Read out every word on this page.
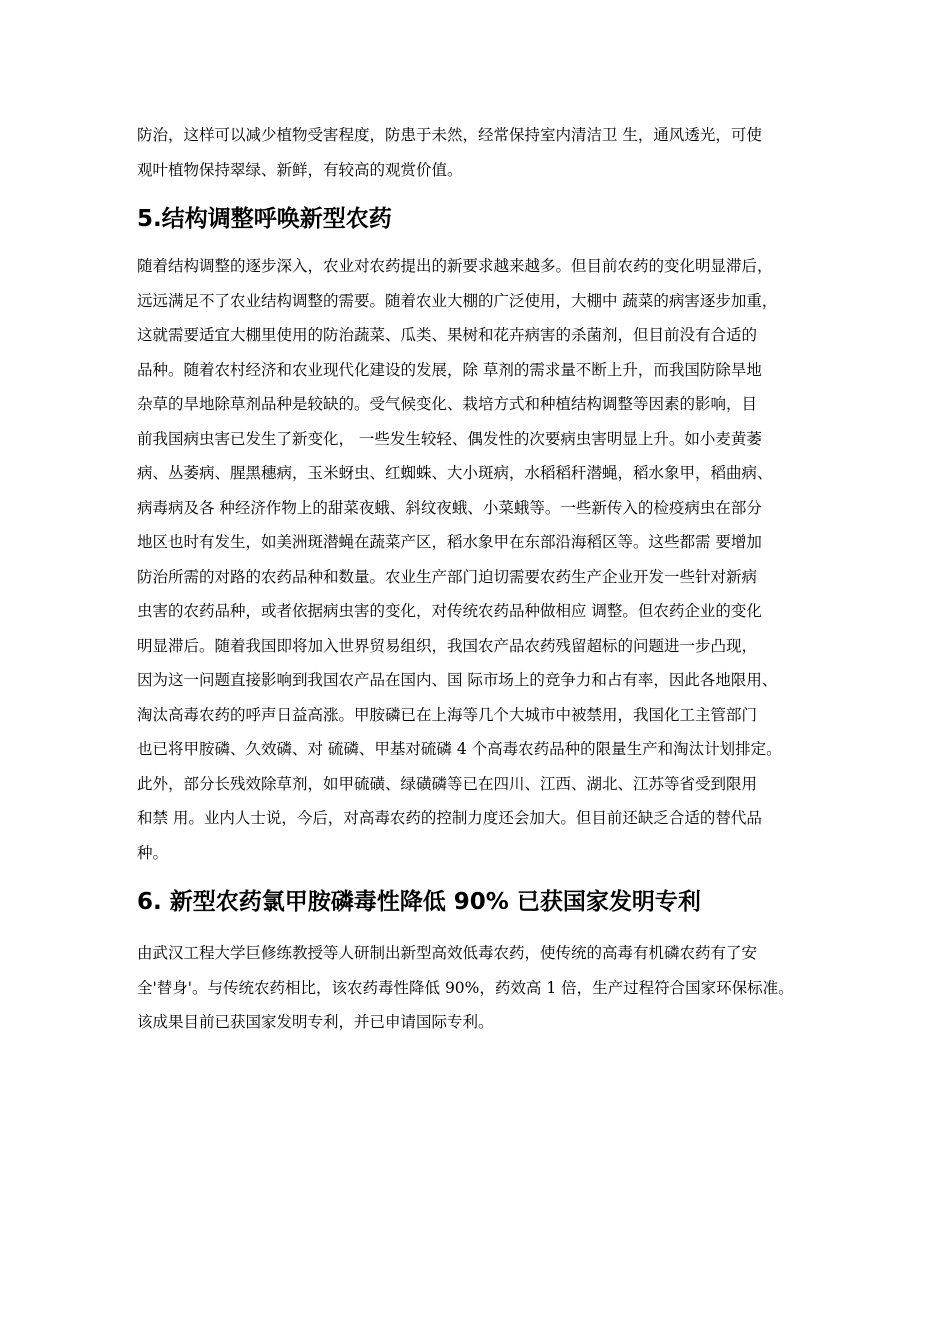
防治，这样可以减少植物受害程度，防患于未然，经常保持室内清洁卫 生，通风透光，可使
观叶植物保持翠绿、新鲜，有较高的观赏价值。
5.结构调整呼唤新型农药
随着结构调整的逐步深入，农业对农药提出的新要求越来越多。但目前农药的变化明显滞后，
远远满足不了农业结构调整的需要。随着农业大棚的广泛使用，大棚中 蔬菜的病害逐步加重，
这就需要适宜大棚里使用的防治蔬菜、瓜类、果树和花卉病害的杀菌剂，但目前没有合适的
品种。随着农村经济和农业现代化建设的发展，除 草剂的需求量不断上升，而我国防除旱地
杂草的旱地除草剂品种是较缺的。受气候变化、栽培方式和种植结构调整等因素的影响，目
前我国病虫害已发生了新变化， 一些发生较轻、偶发性的次要病虫害明显上升。如小麦黄萎
病、丛萎病、腥黑穗病，玉米蚜虫、红蜘蛛、大小斑病，水稻稻秆潜蝇，稻水象甲，稻曲病、
病毒病及各 种经济作物上的甜菜夜蛾、斜纹夜蛾、小菜蛾等。一些新传入的检疫病虫在部分
地区也时有发生，如美洲斑潜蝇在蔬菜产区，稻水象甲在东部沿海稻区等。这些都需 要增加
防治所需的对路的农药品种和数量。农业生产部门迫切需要农药生产企业开发一些针对新病
虫害的农药品种，或者依据病虫害的变化，对传统农药品种做相应 调整。但农药企业的变化
明显滞后。随着我国即将加入世界贸易组织，我国农产品农药残留超标的问题进一步凸现，
因为这一问题直接影响到我国农产品在国内、国 际市场上的竞争力和占有率，因此各地限用、
淘汰高毒农药的呼声日益高涨。甲胺磷已在上海等几个大城市中被禁用，我国化工主管部门
也已将甲胺磷、久效磷、对 硫磷、甲基对硫磷 4 个高毒农药品种的限量生产和淘汰计划排定。
此外，部分长残效除草剂，如甲硫磺、绿磺磷等已在四川、江西、湖北、江苏等省受到限用
和禁 用。业内人士说，今后，对高毒农药的控制力度还会加大。但目前还缺乏合适的替代品
种。
6. 新型农药氯甲胺磷毒性降低 90% 已获国家发明专利
由武汉工程大学巨修练教授等人研制出新型高效低毒农药，使传统的高毒有机磷农药有了安
全'替身'。与传统农药相比，该农药毒性降低 90%，药效高 1 倍，生产过程符合国家环保标准。
该成果目前已获国家发明专利，并已申请国际专利。
